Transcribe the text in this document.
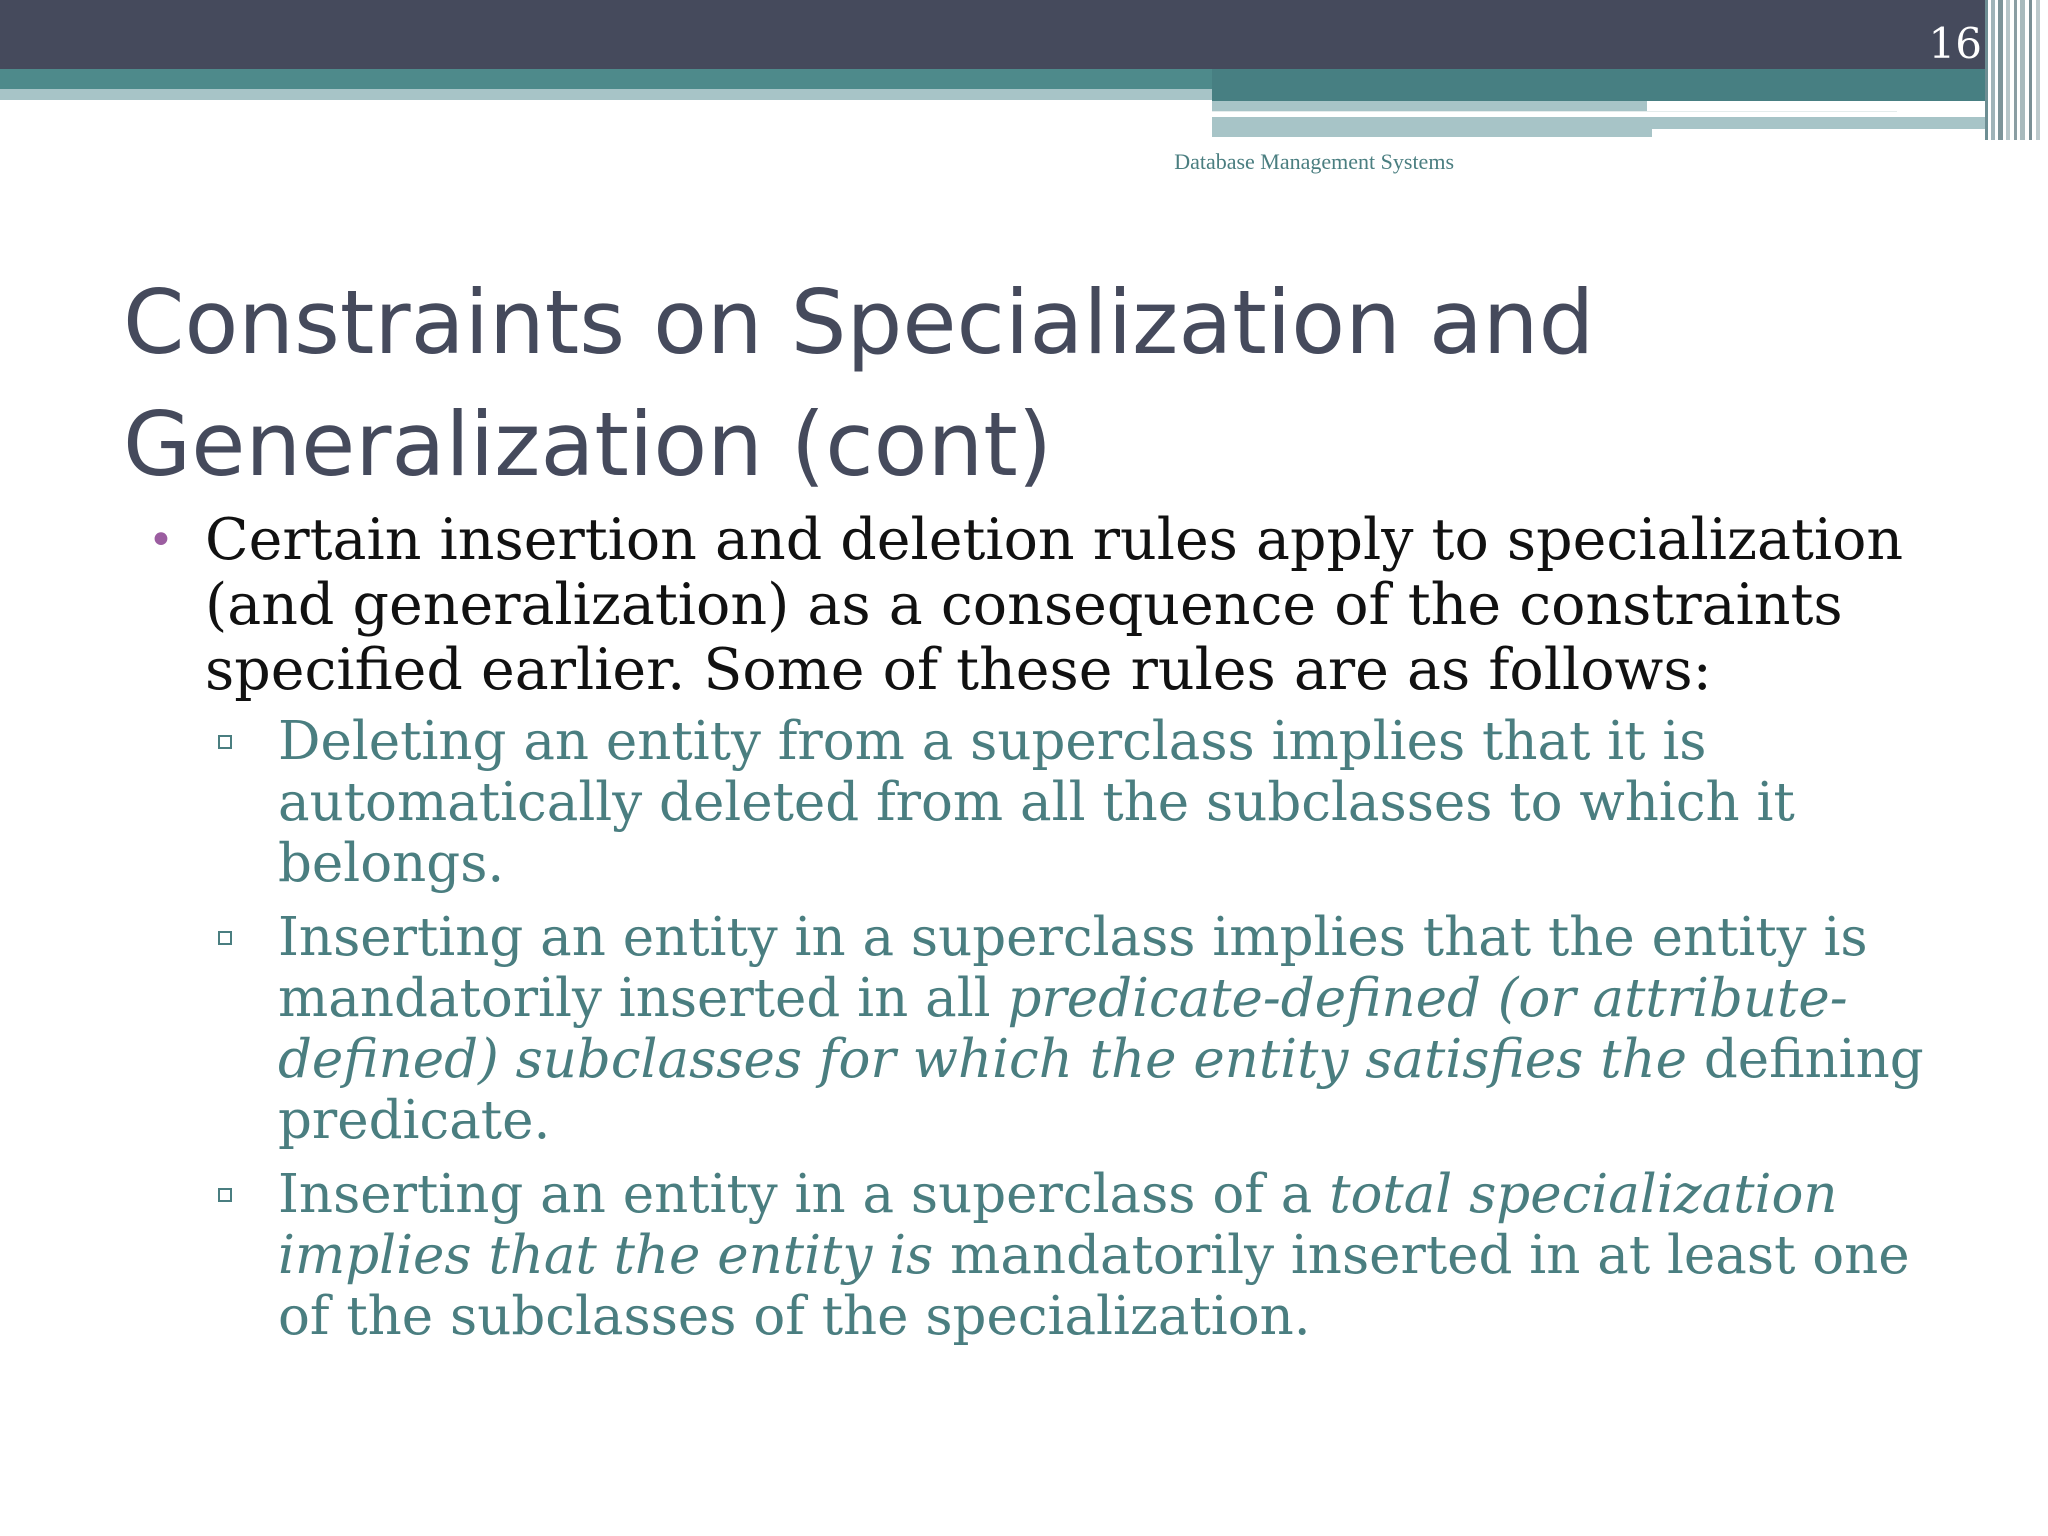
16
Database Management Systems
Constraints on Specialization and Generalization (cont)
• Certain insertion and deletion rules apply to specialization (and generalization) as a consequence of the constraints specified earlier. Some of these rules are as follows:
Deleting an entity from a superclass implies that it is automatically deleted from all the subclasses to which it belongs.
Inserting an entity in a superclass implies that the entity is mandatorily inserted in all predicate-defined (or attribute-defined) subclasses for which the entity satisfies the defining predicate.
Inserting an entity in a superclass of a total specialization implies that the entity is mandatorily inserted in at least one of the subclasses of the specialization.
